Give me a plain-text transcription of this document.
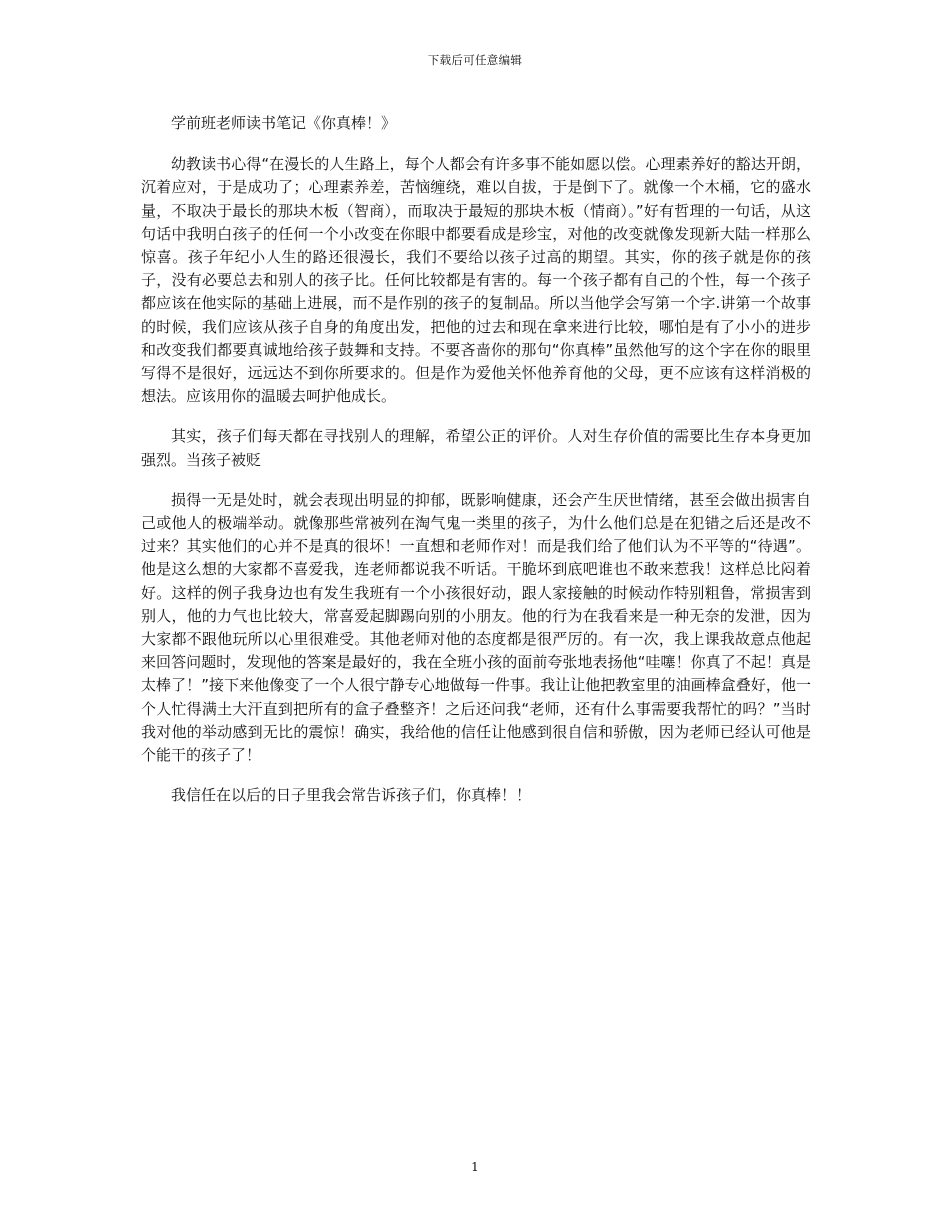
下载后可任意编辑

学前班老师读书笔记《你真棒！》

幼教读书心得“在漫长的人生路上，每个人都会有许多事不能如愿以偿。心理素养好的豁达开朗，沉着应对，于是成功了；心理素养差，苦恼缠绕，难以自拔，于是倒下了。就像一个木桶，它的盛水量，不取决于最长的那块木板（智商），而取决于最短的那块木板（情商）。”好有哲理的一句话，从这句话中我明白孩子的任何一个小改变在你眼中都要看成是珍宝，对他的改变就像发现新大陆一样那么惊喜。孩子年纪小人生的路还很漫长，我们不要给以孩子过高的期望。其实，你的孩子就是你的孩子，没有必要总去和别人的孩子比。任何比较都是有害的。每一个孩子都有自己的个性，每一个孩子都应该在他实际的基础上进展，而不是作别的孩子的复制品。所以当他学会写第一个字.讲第一个故事的时候，我们应该从孩子自身的角度出发，把他的过去和现在拿来进行比较，哪怕是有了小小的进步和改变我们都要真诚地给孩子鼓舞和支持。不要吝啬你的那句“你真棒”虽然他写的这个字在你的眼里写得不是很好，远远达不到你所要求的。但是作为爱他关怀他养育他的父母，更不应该有这样消极的想法。应该用你的温暖去呵护他成长。

其实，孩子们每天都在寻找别人的理解，希望公正的评价。人对生存价值的需要比生存本身更加强烈。当孩子被贬

损得一无是处时，就会表现出明显的抑郁，既影响健康，还会产生厌世情绪，甚至会做出损害自己或他人的极端举动。就像那些常被列在淘气鬼一类里的孩子，为什么他们总是在犯错之后还是改不过来？其实他们的心并不是真的很坏！一直想和老师作对！而是我们给了他们认为不平等的“待遇”。他是这么想的大家都不喜爱我，连老师都说我不听话。干脆坏到底吧谁也不敢来惹我！这样总比闷着好。这样的例子我身边也有发生我班有一个小孩很好动，跟人家接触的时候动作特别粗鲁，常损害到别人，他的力气也比较大，常喜爱起脚踢向别的小朋友。他的行为在我看来是一种无奈的发泄，因为大家都不跟他玩所以心里很难受。其他老师对他的态度都是很严厉的。有一次，我上课我故意点他起来回答问题时，发现他的答案是最好的，我在全班小孩的面前夸张地表扬他“哇噻！你真了不起！真是太棒了！”接下来他像变了一个人很宁静专心地做每一件事。我让让他把教室里的油画棒盒叠好，他一个人忙得满土大汗直到把所有的盒子叠整齐！之后还问我“老师，还有什么事需要我帮忙的吗？”当时我对他的举动感到无比的震惊！确实，我给他的信任让他感到很自信和骄傲，因为老师已经认可他是个能干的孩子了！

我信任在以后的日子里我会常告诉孩子们，你真棒！！

1
